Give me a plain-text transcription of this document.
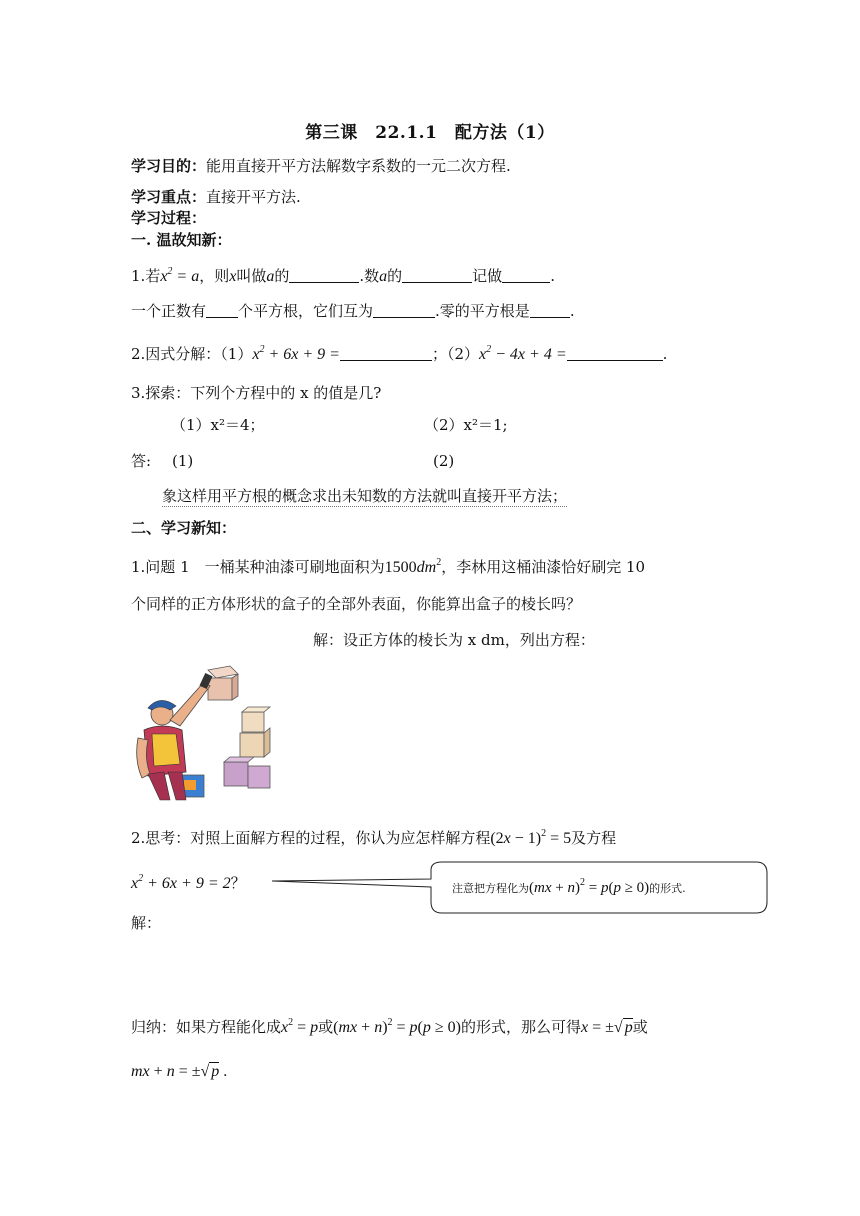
第三课　22.1.1　配方法（1）
学习目的：能用直接开平方法解数字系数的一元二次方程.
学习重点：直接开平方法.
学习过程：
一. 温故知新：
1.若$x^2 = a$，则x叫做a的	.数a的	记做	.
一个正数有 个平方根，它们互为	.零的平方根是	.
2.因式分解：$(1)x^2 + 6x + 9$ =	；$(2)x^2 - 4x + 4$ =	.
3.探索：下列个方程中的 x 的值是几?
（1）x²＝4；	（2）x²＝1;
答: (1)	(2)
象这样用平方根的概念求出未知数的方法就叫直接开平方法；
二、学习新知：
1.问题 1　一桶某种油漆可刷地面积为$1500dm^2$，李林用这桶油漆恰好刷完 10
个同样的正方体形状的盒子的全部外表面，你能算出盒子的棱长吗？
解：设正方体的棱长为 x dm，列出方程：
2.思考：对照上面解方程的过程，你认为应怎样解方程$(2x - 1)^2 = 5$及方程
$x^2 + 6x + 9 = 2$？
解：
注意把方程化为(mx + n)$^2$ = p(p ≥ 0)的形式.
归纳：如果方程能化成$x^2 = p$或(mx + n)$^2$ = p(p ≥ 0)的形式，那么可得x = ±√ p或
mx + n = ±√ p .
